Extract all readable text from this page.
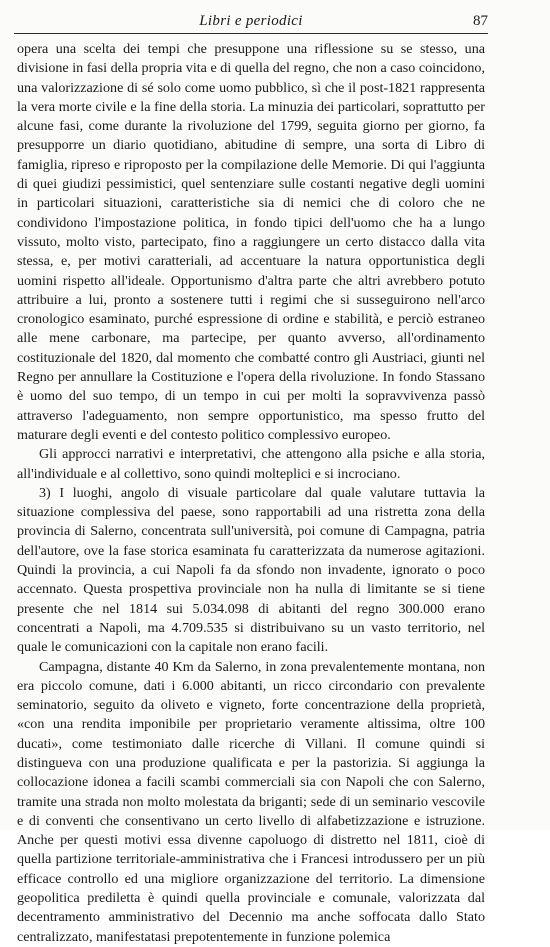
Libri e periodici	87

opera una scelta dei tempi che presuppone una riflessione su se stesso, una divisione in fasi della propria vita e di quella del regno, che non a caso coincidono, una valorizzazione di sé solo come uomo pubblico, sì che il post-1821 rappresenta la vera morte civile e la fine della storia. La minuzia dei particolari, soprattutto per alcune fasi, come durante la rivoluzione del 1799, seguita giorno per giorno, fa presupporre un diario quotidiano, abitudine di sempre, una sorta di Libro di famiglia, ripreso e riproposto per la compilazione delle Memorie. Di qui l'aggiunta di quei giudizi pessimistici, quel sentenziare sulle costanti negative degli uomini in particolari situazioni, caratteristiche sia di nemici che di coloro che ne condividono l'impostazione politica, in fondo tipici dell'uomo che ha a lungo vissuto, molto visto, partecipato, fino a raggiungere un certo distacco dalla vita stessa, e, per motivi caratteriali, ad accentuare la natura opportunistica degli uomini rispetto all'ideale. Opportunismo d'altra parte che altri avrebbero potuto attribuire a lui, pronto a sostenere tutti i regimi che si susseguirono nell'arco cronologico esaminato, purché espressione di ordine e stabilità, e perciò estraneo alle mene carbonare, ma partecipe, per quanto avverso, all'ordinamento costituzionale del 1820, dal momento che combatté contro gli Austriaci, giunti nel Regno per annullare la Costituzione e l'opera della rivoluzione. In fondo Stassano è uomo del suo tempo, di un tempo in cui per molti la sopravvivenza passò attraverso l'adeguamento, non sempre opportunistico, ma spesso frutto del maturare degli eventi e del contesto politico complessivo europeo.

Gli approcci narrativi e interpretativi, che attengono alla psiche e alla storia, all'individuale e al collettivo, sono quindi molteplici e si incrociano.

3) I luoghi, angolo di visuale particolare dal quale valutare tuttavia la situazione complessiva del paese, sono rapportabili ad una ristretta zona della provincia di Salerno, concentrata sull'università, poi comune di Campagna, patria dell'autore, ove la fase storica esaminata fu caratterizzata da numerose agitazioni. Quindi la provincia, a cui Napoli fa da sfondo non invadente, ignorato o poco accennato. Questa prospettiva provinciale non ha nulla di limitante se si tiene presente che nel 1814 sui 5.034.098 di abitanti del regno 300.000 erano concentrati a Napoli, ma 4.709.535 si distribuivano su un vasto territorio, nel quale le comunicazioni con la capitale non erano facili.

Campagna, distante 40 Km da Salerno, in zona prevalentemente montana, non era piccolo comune, dati i 6.000 abitanti, un ricco circondario con prevalente seminatorio, seguito da oliveto e vigneto, forte concentrazione della proprietà, «con una rendita imponibile per proprietario veramente altissima, oltre 100 ducati», come testimoniato dalle ricerche di Villani. Il comune quindi si distingueva con una produzione qualificata e per la pastorizia. Si aggiunga la collocazione idonea a facili scambi commerciali sia con Napoli che con Salerno, tramite una strada non molto molestata da briganti; sede di un seminario vescovile e di conventi che consentivano un certo livello di alfabetizzazione e istruzione. Anche per questi motivi essa divenne capoluogo di distretto nel 1811, cioè di quella partizione territoriale-amministrativa che i Francesi introdussero per un più efficace controllo ed una migliore organizzazione del territorio. La dimensione geopolitica prediletta è quindi quella provinciale e comunale, valorizzata dal decentramento amministrativo del Decennio ma anche soffocata dallo Stato centralizzato, manifestatasi prepotentemente in funzione polemica
